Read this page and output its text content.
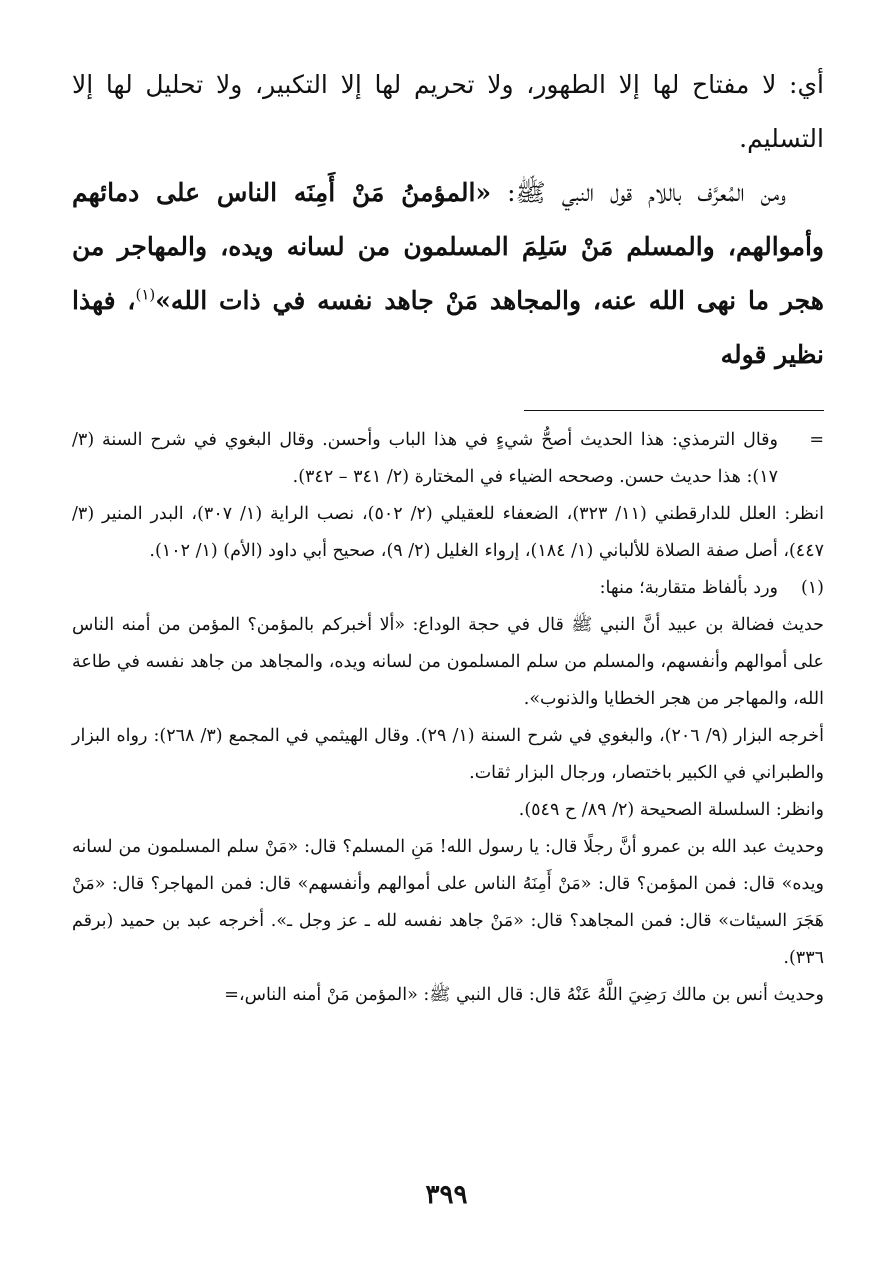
أي: لا مفتاح لها إلا الطهور، ولا تحريم لها إلا التكبير، ولا تحليل لها إلا التسليم.

ومن المُعرَّف باللام قول النبي ﷺ: «المؤمنُ مَنْ أَمِنَه الناس على دمائهم وأموالهم، والمسلم مَنْ سَلِمَ المسلمون من لسانه ويده، والمهاجر من هجر ما نهى الله عنه، والمجاهد مَنْ جاهد نفسه في ذات الله»$^{(١)}$، فهذا نظير قوله

=

وقال الترمذي: هذا الحديث أصحُّ شيءٍ في هذا الباب وأحسن. وقال البغوي في شرح السنة (٣/ ١٧): هذا حديث حسن. وصححه الضياء في المختارة (٢/ ٣٤١ – ٣٤٢).

انظر: العلل للدارقطني (١١/ ٣٢٣)، الضعفاء للعقيلي (٢/ ٥٠٢)، نصب الراية (١/ ٣٠٧)، البدر المنير (٣/ ٤٤٧)، أصل صفة الصلاة للألباني (١/ ١٨٤)، إرواء الغليل (٢/ ٩)، صحيح أبي داود (الأم) (١/ ١٠٢).

(١)

ورد بألفاظ متقاربة؛ منها:

حديث فضالة بن عبيد أنَّ النبي ﷺ قال في حجة الوداع: «ألا أخبركم بالمؤمن؟ المؤمن من أمنه الناس على أموالهم وأنفسهم، والمسلم من سلم المسلمون من لسانه ويده، والمجاهد من جاهد نفسه في طاعة الله، والمهاجر من هجر الخطايا والذنوب».

أخرجه البزار (٩/ ٢٠٦)، والبغوي في شرح السنة (١/ ٢٩). وقال الهيثمي في المجمع (٣/ ٢٦٨): رواه البزار والطبراني في الكبير باختصار، ورجال البزار ثقات.

وانظر: السلسلة الصحيحة (٢/ ٨٩/ ح ٥٤٩).

وحديث عبد الله بن عمرو أنَّ رجلًا قال: يا رسول الله! مَنِ المسلم؟ قال: «مَنْ سلم المسلمون من لسانه ويده» قال: فمن المؤمن؟ قال: «مَنْ أَمِنَهُ الناس على أموالهم وأنفسهم» قال: فمن المهاجر؟ قال: «مَنْ هَجَرَ السيئات» قال: فمن المجاهد؟ قال: «مَنْ جاهد نفسه لله ـ عز وجل ـ». أخرجه عبد بن حميد (برقم ٣٣٦).

وحديث أنس بن مالك رَضِيَ اللَّهُ عَنْهُ قال: قال النبي ﷺ: «المؤمن مَنْ أمنه الناس،=

٣٩٩
